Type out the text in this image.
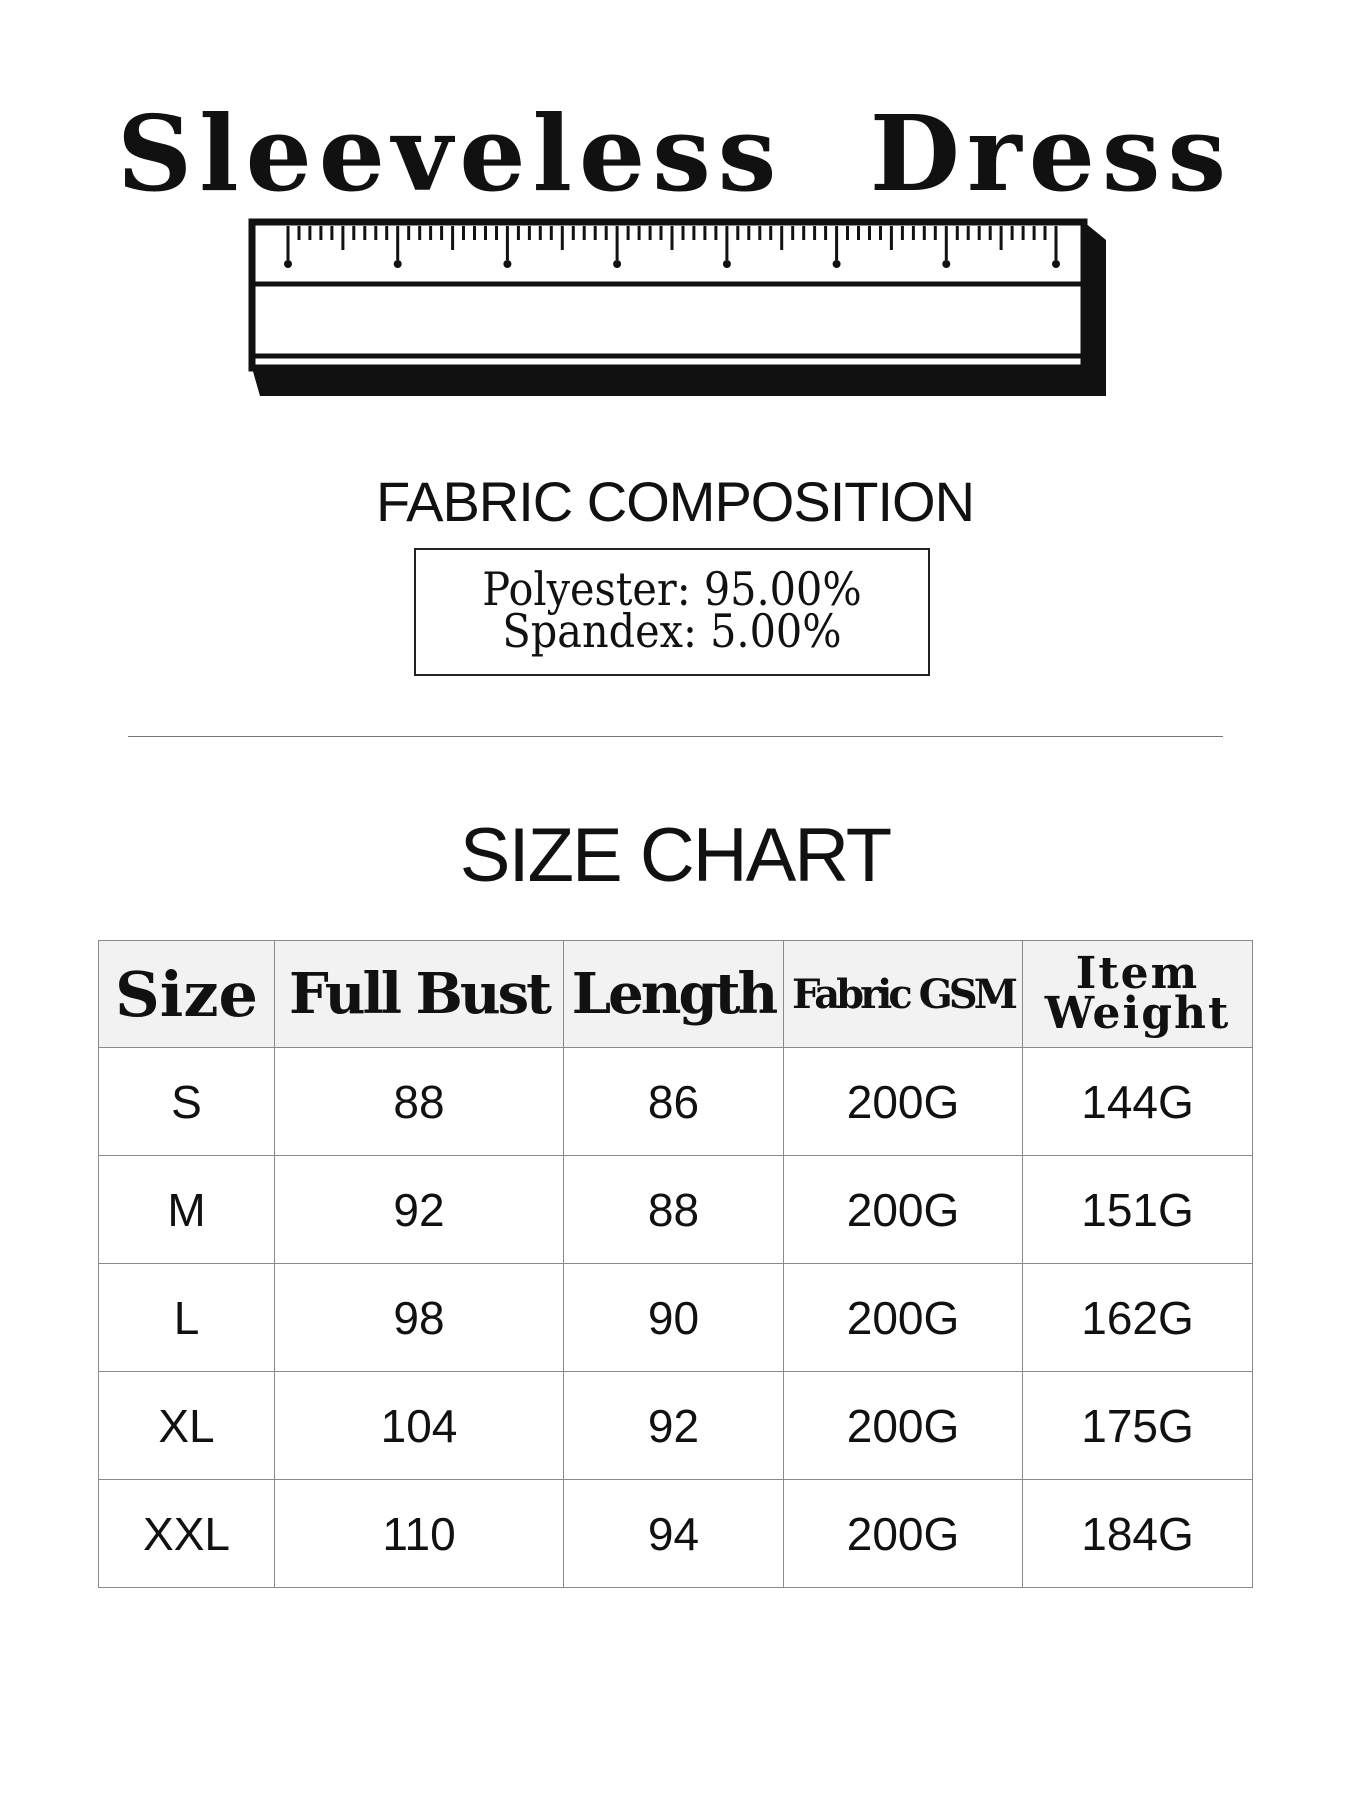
Sleeveless  Dress
FABRIC COMPOSITION
Polyester: 95.00%
Spandex: 5.00%
SIZE CHART
Size	Full Bust	Length	Fabric GSM	Item
Weight
S	88	86	200G	144G
M	92	88	200G	151G
L	98	90	200G	162G
XL	104	92	200G	175G
XXL	110	94	200G	184G
